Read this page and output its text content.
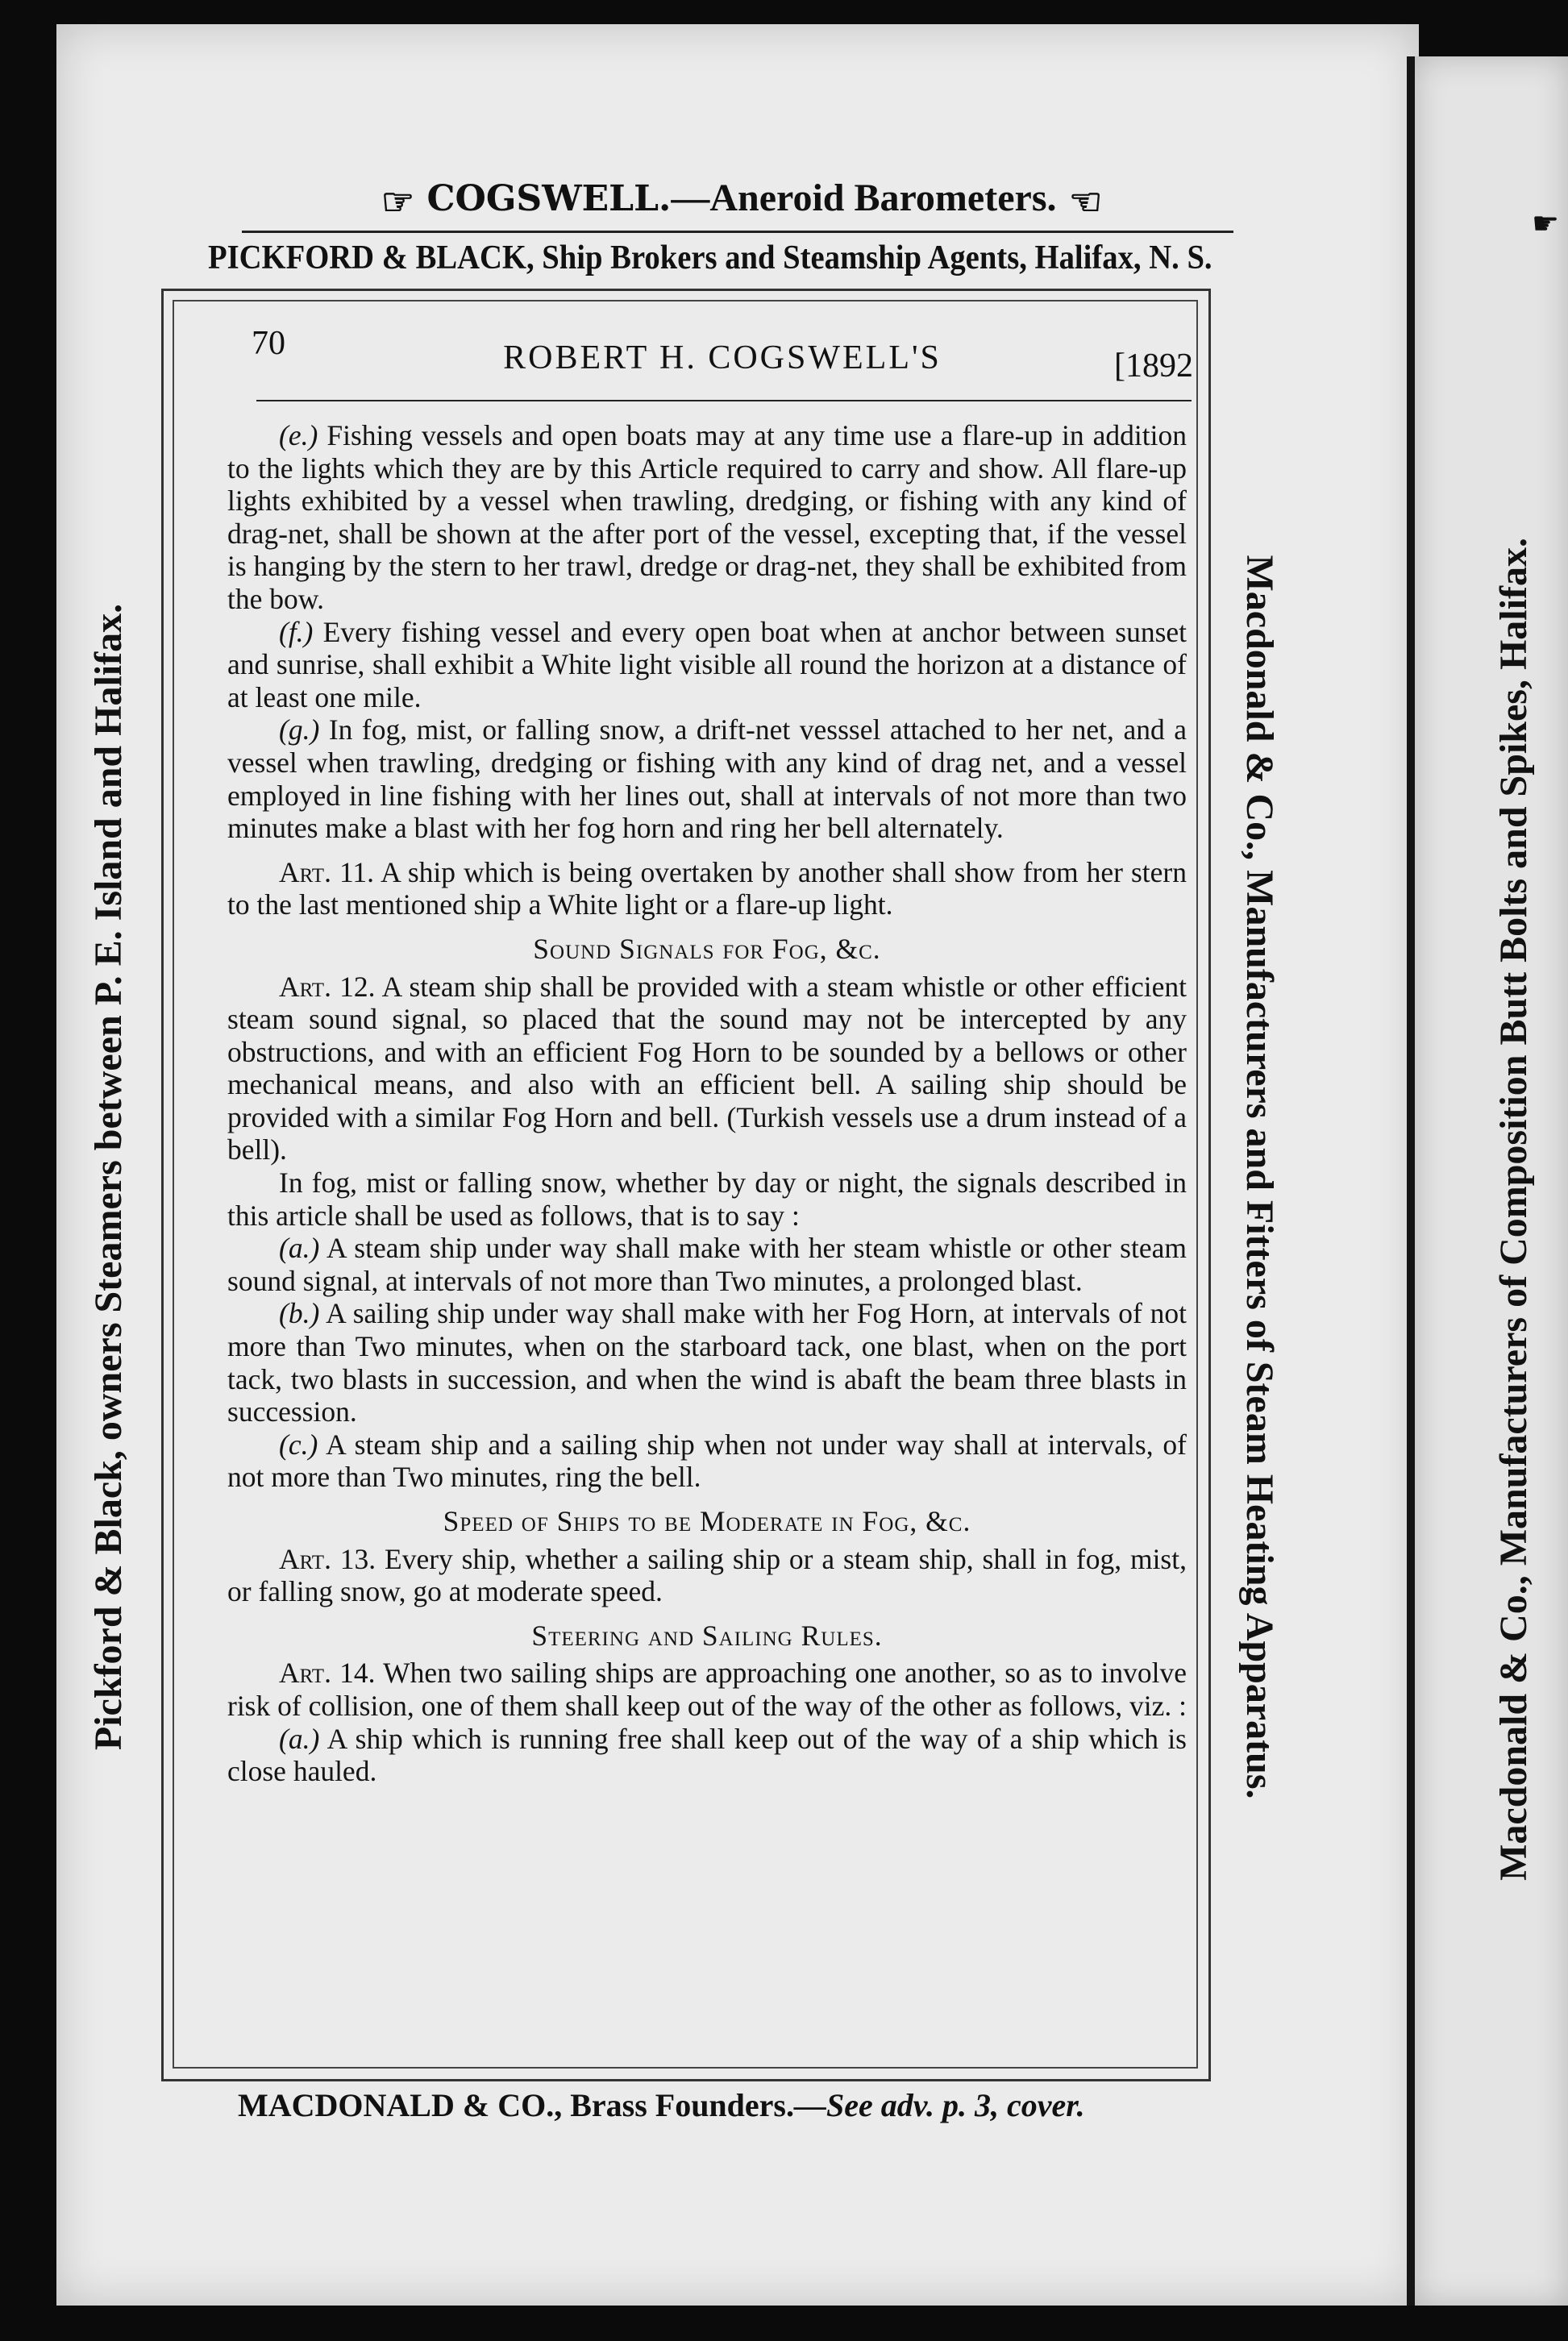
☞ COGSWELL.—Aneroid Barometers. ☞
PICKFORD & BLACK, Ship Brokers and Steamship Agents, Halifax, N. S.
Pickford & Black, owners Steamers between P. E. Island and Halifax.	Macdonald & Co., Manufacturers and Fitters of Steam Heating Apparatus.	Macdonald & Co., Manufacturers of Composition Butt Bolts and Spikes, Halifax.
☛
70	ROBERT H. COGSWELL'S	[1892

(e.) Fishing vessels and open boats may at any time use a flare-up in addition to the lights which they are by this Article required to carry and show. All flare-up lights exhibited by a vessel when trawling, dredging, or fishing with any kind of drag-net, shall be shown at the after port of the vessel, excepting that, if the vessel is hanging by the stern to her trawl, dredge or drag-net, they shall be exhibited from the bow.

(f.) Every fishing vessel and every open boat when at anchor between sunset and sunrise, shall exhibit a White light visible all round the horizon at a distance of at least one mile.

(g.) In fog, mist, or falling snow, a drift-net vesssel attached to her net, and a vessel when trawling, dredging or fishing with any kind of drag net, and a vessel employed in line fishing with her lines out, shall at intervals of not more than two minutes make a blast with her fog horn and ring her bell alternately.

Art. 11. A ship which is being overtaken by another shall show from her stern to the last mentioned ship a White light or a flare-up light.

Sound Signals for Fog, &c.

Art. 12. A steam ship shall be provided with a steam whistle or other efficient steam sound signal, so placed that the sound may not be intercepted by any obstructions, and with an efficient Fog Horn to be sounded by a bellows or other mechanical means, and also with an efficient bell. A sailing ship should be provided with a similar Fog Horn and bell. (Turkish vessels use a drum instead of a bell).

In fog, mist or falling snow, whether by day or night, the signals described in this article shall be used as follows, that is to say :

(a.) A steam ship under way shall make with her steam whistle or other steam sound signal, at intervals of not more than Two minutes, a prolonged blast.

(b.) A sailing ship under way shall make with her Fog Horn, at intervals of not more than Two minutes, when on the starboard tack, one blast, when on the port tack, two blasts in succession, and when the wind is abaft the beam three blasts in succession.

(c.) A steam ship and a sailing ship when not under way shall at intervals, of not more than Two minutes, ring the bell.

Speed of Ships to be Moderate in Fog, &c.

Art. 13. Every ship, whether a sailing ship or a steam ship, shall in fog, mist, or falling snow, go at moderate speed.

Steering and Sailing Rules.

Art. 14. When two sailing ships are approaching one another, so as to involve risk of collision, one of them shall keep out of the way of the other as follows, viz. :

(a.) A ship which is running free shall keep out of the way of a ship which is close hauled.

MACDONALD & CO., Brass Founders.—See adv. p. 3, cover.
